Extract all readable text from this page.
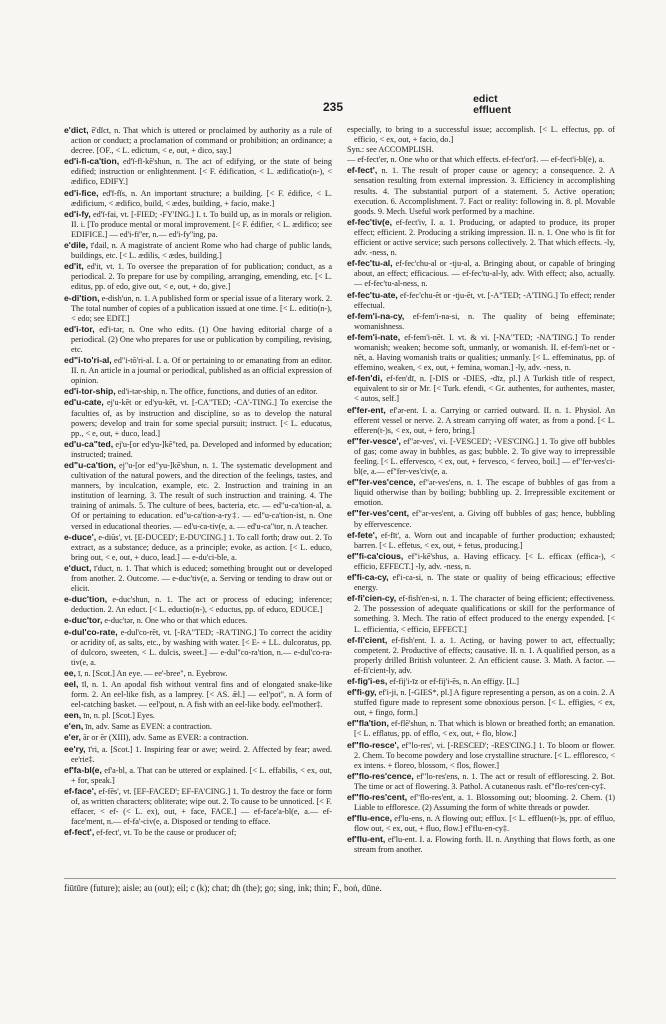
235
edict
effluent

e'dict, ē'dĭct, n. That which is uttered or proclaimed by authority as a rule of action or conduct; a proclamation of command or prohibition; an ordinance; a decree. [OF., < L. edictum, < e, out, + dico, say.]

ed'i-fi-ca'tion, ed'ĭ-fĭ-kē'shun, n. The act of edifying, or the state of being edified; instruction or enlightenment. [< F. édification, < L. ædificatio(n-), < ædifico, EDIFY.]

ed'i-fice, ed'ĭ-fĭs, n. An important structure; a building. [< F. édifice, < L. ædificium, < ædifico, build, < ædes, building, + facio, make.]

ed'i-fy, ed'ĭ-fai, vt. [-FIED; -FY'ING.] I. t. To build up, as in morals or religion. II. i. [To produce mental or moral improvement. [< F. édifier, < L. ædifico; see EDIFICE.] — ed'i-fi''er, n.— ed'i-fy''ing, pa.

e'dile, ī'dail, n. A magistrate of ancient Rome who had charge of public lands, buildings, etc. [< L. ædilis, < ædes, building.]

ed'it, ed'it, vt. 1. To oversee the preparation of for publication; conduct, as a periodical. 2. To prepare for use by compiling, arranging, emending, etc. [< L. editus, pp. of edo, give out, < e, out, + do, give.]

e-di'tion, e-dish'un, n. 1. A published form or special issue of a literary work. 2. The total number of copies of a publication issued at one time. [< L. editio(n-), < edo; see EDIT.]

ed'i-tor, ed'i-tər, n. One who edits. (1) One having editorial charge of a periodical. (2) One who prepares for use or publication by compiling, revising, etc.

ed"i-to'ri-al, ed"i-tō'ri-al. I. a. Of or pertaining to or emanating from an editor. II. n. An article in a journal or periodical, published as an official expression of opinion.

ed'i-tor-ship, ed'i-tər-ship, n. The office, functions, and duties of an editor.

ed'u-cate, ej'u-kēt or ed'yu-kēt, vt. [-CA"TED; -CA'-TING.] To exercise the faculties of, as by instruction and discipline, so as to develop the natural powers; develop and train for some special pursuit; instruct. [< L. educatus, pp., < e, out, + duco, lead.]

ed'u-ca"ted, ej'u-[or ed'yu-]kē"ted, pa. Developed and informed by education; instructed; trained.

ed"u-ca'tion, ej"u-[or ed"yu-]kē'shun, n. 1. The systematic development and cultivation of the natural powers, and the direction of the feelings, tastes, and manners, by inculcation, example, etc. 2. Instruction and training in an institution of learning. 3. The result of such instruction and training. 4. The training of animals. 5. The culture of bees, bacteria, etc. — ed"u-ca'tion-al, a. Of or pertaining to education. ed"u-ca'tion-a-ry‡. — ed"u-ca'tion-ist, n. One versed in educational theories. — ed'u-ca-tiv(e, a. — ed'u-ca"tor, n. A teacher.

e-duce', e-diūs', vt. [E-DUCED'; E-DU'CING.] 1. To call forth; draw out. 2. To extract, as a substance; deduce, as a principle; evoke, as action. [< L. educo, bring out, < e, out, + duco, lead.] — e-du'ci-ble, a.

e'duct, ī'duct, n. 1. That which is educed; something brought out or developed from another. 2. Outcome. — e-duc'tiv(e, a. Serving or tending to draw out or elicit.

e-duc'tion, e-duc'shun, n. 1. The act or process of educing; inference; deduction. 2. An educt. [< L. eductio(n-), < eductus, pp. of educo, EDUCE.]

e-duc'tor, e-duc'tər, n. One who or that which educes.

e-dul'co-rate, e-dul'co-rēt, vt. [-RA"TED; -RA'TING.] To correct the acidity or acridity of, as salts, etc., by washing with water. [< E- + LL. dulcoratus, pp. of dulcoro, sweeten, < L. dulcis, sweet.] — e-dul"co-ra'tion, n.— e-dul'co-ra-tiv(e, a.

ee, ī, n. [Scot.] An eye. — ee'-bree", n. Eyebrow.

eel, īl, n. 1. An apodal fish without ventral fins and of elongated snake-like form. 2. An eel-like fish, as a lamprey. [< AS. ǣl.] — eel'pot", n. A form of eel-catching basket. — eel'pout, n. A fish with an eel-like body. eel'mother‡.

een, īn, n. pl. [Scot.] Eyes.

e'en, īn, adv. Same as EVEN: a contraction.

e'er, ār or ēr (XIII), adv. Same as EVER: a contraction.

ee'ry, ī'ri, a. [Scot.] 1. Inspiring fear or awe; weird. 2. Affected by fear; awed. ee'rie‡.

ef'fa-bl(e, ef'a-bl, a. That can be uttered or explained. [< L. effabilis, < ex, out, + for, speak.]

ef-face', ef-fēs', vt. [EF-FACED'; EF-FA'CING.] 1. To destroy the face or form of, as written characters; obliterate; wipe out. 2. To cause to be unnoticed. [< F. effacer, < ef- (< L. ex), out, + face, FACE.] — ef-face'a-bl(e, a.— ef-face'ment, n.— ef-fa'-civ(e, a. Disposed or tending to efface.

ef-fect', ef-fect', vt. To be the cause or producer of;

especially, to bring to a successful issue; accomplish. [< L. effectus, pp. of efficio, < ex, out, + facio, do.]

Syn.: see ACCOMPLISH.

— ef-fect'er, n. One who or that which effects. ef-fect'or‡. — ef-fect'i-bl(e), a.

ef-fect', n. 1. The result of proper cause or agency; a consequence. 2. A sensation resulting from external impression. 3. Efficiency in accomplishing results. 4. The substantial purport of a statement. 5. Active operation; execution. 6. Accomplishment. 7. Fact or reality: following in. 8. pl. Movable goods. 9. Mech. Useful work performed by a machine.

ef-fec'tiv(e, ef-fect'iv, I. a. 1. Producing, or adapted to produce, its proper effect; efficient. 2. Producing a striking impression. II. n. 1. One who is fit for efficient or active service; such persons collectively. 2. That which effects. -ly, adv. -ness, n.

ef-fec'tu-al, ef-fec'chu-al or -tju-al, a. Bringing about, or capable of bringing about, an effect; efficacious. — ef-fec'tu-al-ly, adv. With effect; also, actually. — ef-fec'tu-al-ness, n.

ef-fec'tu-ate, ef-fec'chu-ēt or -tju-ēt, vt. [-A"TED; -A'TING.] To effect; render effectual.

ef-fem'i-na-cy, ef-fem'i-na-si, n. The quality of being effeminate; womanishness.

ef-fem'i-nate, ef-fem'i-nēt. I. vt. & vi. [-NA"TED; -NA'TING.] To render womanish; weaken; become soft, unmanly, or womanish. II. ef-fem'i-net or -nēt, a. Having womanish traits or qualities; unmanly. [< L. effeminatus, pp. of effemino, weaken, < ex, out, + femina, woman.] -ly, adv. -ness, n.

ef-fen'di, ef-fen'dī, n. [-DIS or -DIES, -dīz, pl.] A Turkish title of respect, equivalent to sir or Mr. [< Turk. efendi, < Gr. authentes, for authentes, master, < autos, self.]

ef'fer-ent, ef'ər-ent. I. a. Carrying or carried outward. II. n. 1. Physiol. An efferent vessel or nerve. 2. A stream carrying off water, as from a pond. [< L. efferen(t-)s, < ex, out, + fero, bring.]

ef"fer-vesce', ef"ər-ves', vi. [-VESCED'; -VES'CING.] 1. To give off bubbles of gas; come away in bubbles, as gas; bubble. 2. To give way to irrepressible feeling. [< L. effervesco, < ex, out, + fervesco, < ferveo, boil.] — ef"fer-ves'ci-bl(e, a.— ef"fer-ves'civ(e, a.

ef"fer-ves'cence, ef"ər-ves'ens, n. 1. The escape of bubbles of gas from a liquid otherwise than by boiling; bubbling up. 2. Irrepressible excitement or emotion.

ef"fer-ves'cent, ef"ər-ves'ent, a. Giving off bubbles of gas; hence, bubbling by effervescence.

ef-fete', ef-fīt', a. Worn out and incapable of further production; exhausted; barren. [< L. effetus, < ex, out, + fetus, producing.]

ef"fi-ca'cious, ef"i-kē'shus, a. Having efficacy. [< L. efficax (effica-), < efficio, EFFECT.] -ly, adv. -ness, n.

ef'fi-ca-cy, ef'i-ca-si, n. The state or quality of being efficacious; effective energy.

ef-fi'cien-cy, ef-fish'en-si, n. 1. The character of being efficient; effectiveness. 2. The possession of adequate qualifications or skill for the performance of something. 3. Mech. The ratio of effect produced to the energy expended. [< L. efficientia, < efficio, EFFECT.]

ef-fi'cient, ef-fish'ent. I. a. 1. Acting, or having power to act, effectually; competent. 2. Productive of effects; causative. II. n. 1. A qualified person, as a properly drilled British volunteer. 2. An efficient cause. 3. Math. A factor. — ef-fi'cient-ly, adv.

ef-fig'i-es, ef-fij'i-īz or ef-fij'i-ēs, n. An effigy. [L.]

ef'fi-gy, ef'i-ji, n. [-GIES*, pl.] A figure representing a person, as on a coin. 2. A stuffed figure made to represent some obnoxious person. [< L. effigies, < ex, out, + fingo, form.]

ef"fla'tion, ef-flē'shun, n. That which is blown or breathed forth; an emanation. [< L. efflatus, pp. of efflo, < ex, out, + flo, blow.]

ef"flo-resce', ef"lo-res', vi. [-RESCED'; -RES'CING.] 1. To bloom or flower. 2. Chem. To become powdery and lose crystalline structure. [< L. effloresco, < ex intens. + floreo, blossom, < flos, flower.]

ef"flo-res'cence, ef"lo-res'ens, n. 1. The act or result of efflorescing. 2. Bot. The time or act of flowering. 3. Pathol. A cutaneous rash. ef"flo-res'cen-cy‡.

ef"flo-res'cent, ef"flo-res'ent, a. 1. Blossoming out; blooming. 2. Chem. (1) Liable to effloresce. (2) Assuming the form of white threads or powder.

ef'flu-ence, ef'lu-ens, n. A flowing out; efflux. [< L. effluen(t-)s, ppr. of effluo, flow out, < ex, out, + fluo, flow.] ef'flu-en-cy‡.

ef'flu-ent, ef'lu-ent. I. a. Flowing forth. II. n. Anything that flows forth, as one stream from another.

fiūtūre (future); aisle; au (out); eil; c (k); chat; dh (the); go; sing, ink; thin; F., boṅ, dūne.
